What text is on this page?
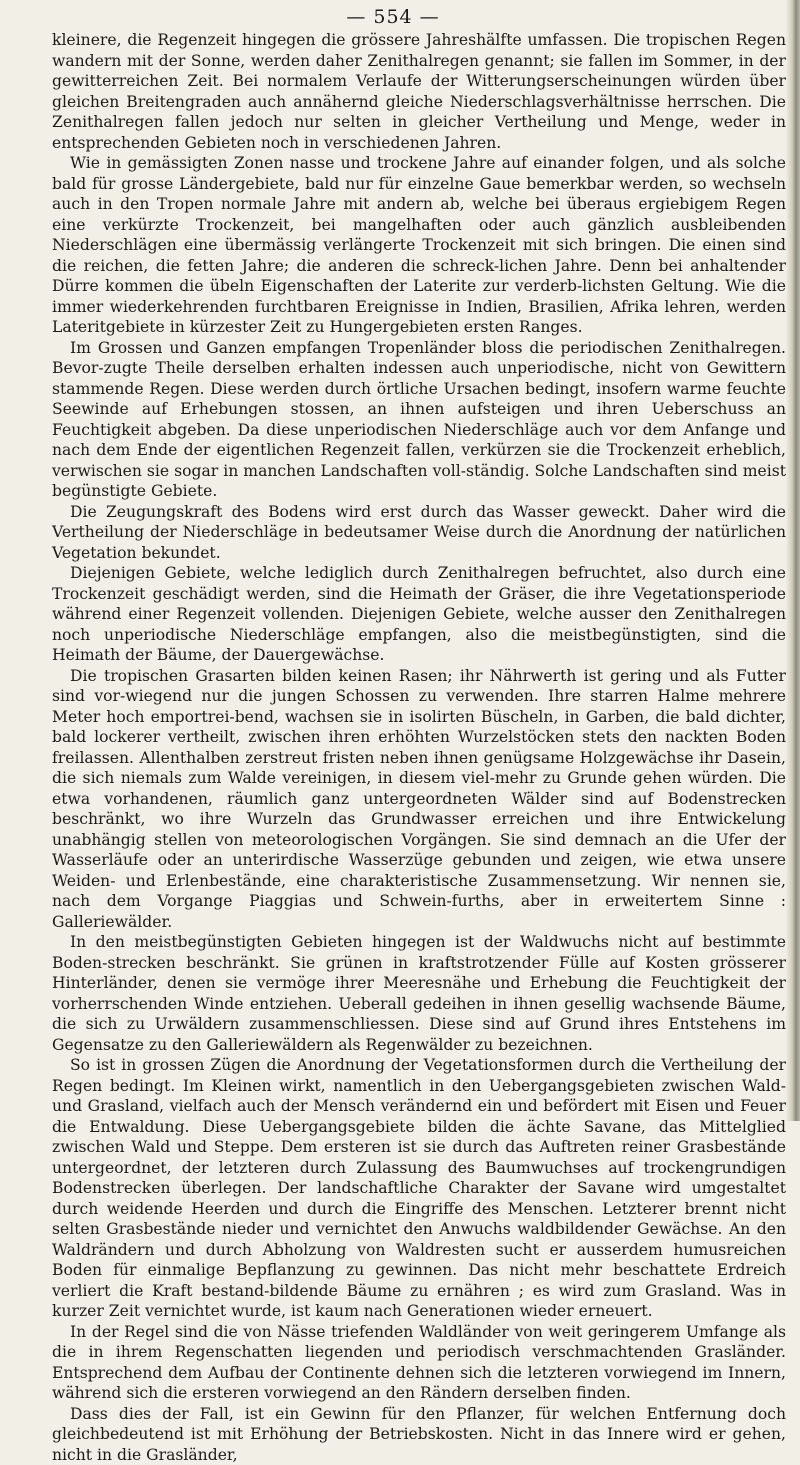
— 554 —

kleinere, die Regenzeit hingegen die grössere Jahreshälfte umfassen. Die tropischen Regen wandern mit der Sonne, werden daher Zenithalregen genannt; sie fallen im Sommer, in der gewitterreichen Zeit. Bei normalem Verlaufe der Witterungserscheinungen würden über gleichen Breitengraden auch annähernd gleiche Niederschlagsverhältnisse herrschen. Die Zenithalregen fallen jedoch nur selten in gleicher Vertheilung und Menge, weder in entsprechenden Gebieten noch in verschiedenen Jahren.

Wie in gemässigten Zonen nasse und trockene Jahre auf einander folgen, und als solche bald für grosse Ländergebiete, bald nur für einzelne Gaue bemerkbar werden, so wechseln auch in den Tropen normale Jahre mit andern ab, welche bei überaus ergiebigem Regen eine verkürzte Trockenzeit, bei mangelhaften oder auch gänzlich ausbleibenden Niederschlägen eine übermässig verlängerte Trockenzeit mit sich bringen. Die einen sind die reichen, die fetten Jahre; die anderen die schreck-lichen Jahre. Denn bei anhaltender Dürre kommen die übeln Eigenschaften der Laterite zur verderb-lichsten Geltung. Wie die immer wiederkehrenden furchtbaren Ereignisse in Indien, Brasilien, Afrika lehren, werden Lateritgebiete in kürzester Zeit zu Hungergebieten ersten Ranges.

Im Grossen und Ganzen empfangen Tropenländer bloss die periodischen Zenithalregen. Bevor-zugte Theile derselben erhalten indessen auch unperiodische, nicht von Gewittern stammende Regen. Diese werden durch örtliche Ursachen bedingt, insofern warme feuchte Seewinde auf Erhebungen stossen, an ihnen aufsteigen und ihren Ueberschuss an Feuchtigkeit abgeben. Da diese unperiodischen Niederschläge auch vor dem Anfange und nach dem Ende der eigentlichen Regenzeit fallen, verkürzen sie die Trockenzeit erheblich, verwischen sie sogar in manchen Landschaften voll-ständig. Solche Landschaften sind meist begünstigte Gebiete.

Die Zeugungskraft des Bodens wird erst durch das Wasser geweckt. Daher wird die Vertheilung der Niederschläge in bedeutsamer Weise durch die Anordnung der natürlichen Vegetation bekundet.

Diejenigen Gebiete, welche lediglich durch Zenithalregen befruchtet, also durch eine Trockenzeit geschädigt werden, sind die Heimath der Gräser, die ihre Vegetationsperiode während einer Regenzeit vollenden. Diejenigen Gebiete, welche ausser den Zenithalregen noch unperiodische Niederschläge empfangen, also die meistbegünstigten, sind die Heimath der Bäume, der Dauergewächse.

Die tropischen Grasarten bilden keinen Rasen; ihr Nährwerth ist gering und als Futter sind vor-wiegend nur die jungen Schossen zu verwenden. Ihre starren Halme mehrere Meter hoch emportrei-bend, wachsen sie in isolirten Büscheln, in Garben, die bald dichter, bald lockerer vertheilt, zwischen ihren erhöhten Wurzelstöcken stets den nackten Boden freilassen. Allenthalben zerstreut fristen neben ihnen genügsame Holzgewächse ihr Dasein, die sich niemals zum Walde vereinigen, in diesem viel-mehr zu Grunde gehen würden. Die etwa vorhandenen, räumlich ganz untergeordneten Wälder sind auf Bodenstrecken beschränkt, wo ihre Wurzeln das Grundwasser erreichen und ihre Entwickelung unabhängig stellen von meteorologischen Vorgängen. Sie sind demnach an die Ufer der Wasserläufe oder an unterirdische Wasserzüge gebunden und zeigen, wie etwa unsere Weiden- und Erlenbestände, eine charakteristische Zusammensetzung. Wir nennen sie, nach dem Vorgange Piaggias und Schwein-furths, aber in erweitertem Sinne : Galleriewälder.

In den meistbegünstigten Gebieten hingegen ist der Waldwuchs nicht auf bestimmte Boden-strecken beschränkt. Sie grünen in kraftstrotzender Fülle auf Kosten grösserer Hinterländer, denen sie vermöge ihrer Meeresnähe und Erhebung die Feuchtigkeit der vorherrschenden Winde entziehen. Ueberall gedeihen in ihnen gesellig wachsende Bäume, die sich zu Urwäldern zusammenschliessen. Diese sind auf Grund ihres Entstehens im Gegensatze zu den Galleriewäldern als Regenwälder zu bezeichnen.

So ist in grossen Zügen die Anordnung der Vegetationsformen durch die Vertheilung der Regen bedingt. Im Kleinen wirkt, namentlich in den Uebergangsgebieten zwischen Wald- und Grasland, vielfach auch der Mensch verändernd ein und befördert mit Eisen und Feuer die Entwaldung. Diese Uebergangsgebiete bilden die ächte Savane, das Mittelglied zwischen Wald und Steppe. Dem ersteren ist sie durch das Auftreten reiner Grasbestände untergeordnet, der letzteren durch Zulassung des Baumwuchses auf trockengrundigen Bodenstrecken überlegen. Der landschaftliche Charakter der Savane wird umgestaltet durch weidende Heerden und durch die Eingriffe des Menschen. Letzterer brennt nicht selten Grasbestände nieder und vernichtet den Anwuchs waldbildender Gewächse. An den Waldrändern und durch Abholzung von Waldresten sucht er ausserdem humusreichen Boden für einmalige Bepflanzung zu gewinnen. Das nicht mehr beschattete Erdreich verliert die Kraft bestand-bildende Bäume zu ernähren ; es wird zum Grasland. Was in kurzer Zeit vernichtet wurde, ist kaum nach Generationen wieder erneuert.

In der Regel sind die von Nässe triefenden Waldländer von weit geringerem Umfange als die in ihrem Regenschatten liegenden und periodisch verschmachtenden Grasländer. Entsprechend dem Aufbau der Continente dehnen sich die letzteren vorwiegend im Innern, während sich die ersteren vorwiegend an den Rändern derselben finden.

Dass dies der Fall, ist ein Gewinn für den Pflanzer, für welchen Entfernung doch gleichbedeutend ist mit Erhöhung der Betriebskosten. Nicht in das Innere wird er gehen, nicht in die Grasländer,
